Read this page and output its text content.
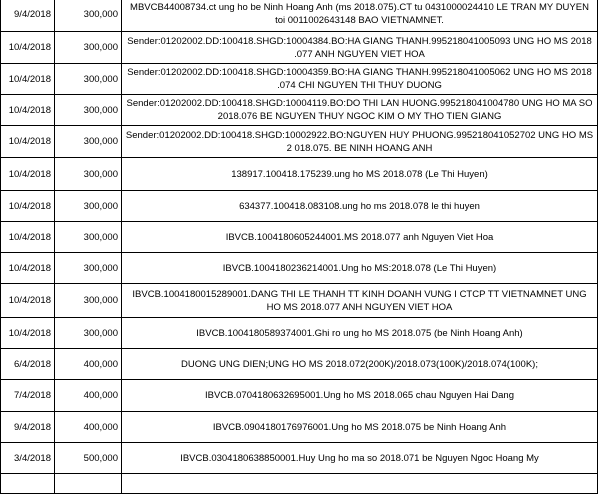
9/4/2018	300,000	MBVCB44008734.ct ung ho be Ninh Hoang Anh (ms 2018.075).CT tu 0431000024410 LE TRAN MY DUYEN toi 0011002643148 BAO VIETNAMNET.
10/4/2018	300,000	Sender:01202002.DD:100418.SHGD:10004384.BO:HA GIANG THANH.995218041005093 UNG HO MS 2018 .077 ANH NGUYEN VIET HOA
10/4/2018	300,000	Sender:01202002.DD:100418.SHGD:10004359.BO:HA GIANG THANH.995218041005062 UNG HO MS 2018 .074 CHI NGUYEN THI THUY DUONG
10/4/2018	300,000	Sender:01202002.DD:100418.SHGD:10004119.BO:DO THI LAN HUONG.995218041004780 UNG HO MA SO 2018.076 BE NGUYEN THUY NGOC KIM O MY THO TIEN GIANG
10/4/2018	300,000	Sender:01202002.DD:100418.SHGD:10002922.BO:NGUYEN HUY PHUONG.995218041052702 UNG HO MS 2 018.075. BE NINH HOANG ANH
10/4/2018	300,000	138917.100418.175239.ung ho MS 2018.078 (Le Thi Huyen)
10/4/2018	300,000	634377.100418.083108.ung ho ms 2018.078 le thi huyen
10/4/2018	300,000	IBVCB.1004180605244001.MS 2018.077 anh Nguyen Viet Hoa
10/4/2018	300,000	IBVCB.1004180236214001.Ung ho MS:2018.078 (Le Thi Huyen)
10/4/2018	300,000	IBVCB.1004180015289001.DANG THI LE THANH TT KINH DOANH VUNG I CTCP TT VIETNAMNET UNG HO MS 2018.077 ANH NGUYEN VIET HOA
10/4/2018	300,000	IBVCB.1004180589374001.Ghi ro ung ho MS 2018.075 (be Ninh Hoang Anh)
6/4/2018	400,000	DUONG UNG DIEN;UNG HO MS 2018.072(200K)/2018.073(100K)/2018.074(100K);
7/4/2018	400,000	IBVCB.0704180632695001.Ung ho MS 2018.065 chau Nguyen Hai Dang
9/4/2018	400,000	IBVCB.0904180176976001.Ung ho MS 2018.075 be Ninh Hoang Anh
3/4/2018	500,000	IBVCB.0304180638850001.Huy Ung ho ma so 2018.071 be Nguyen Ngoc Hoang My
